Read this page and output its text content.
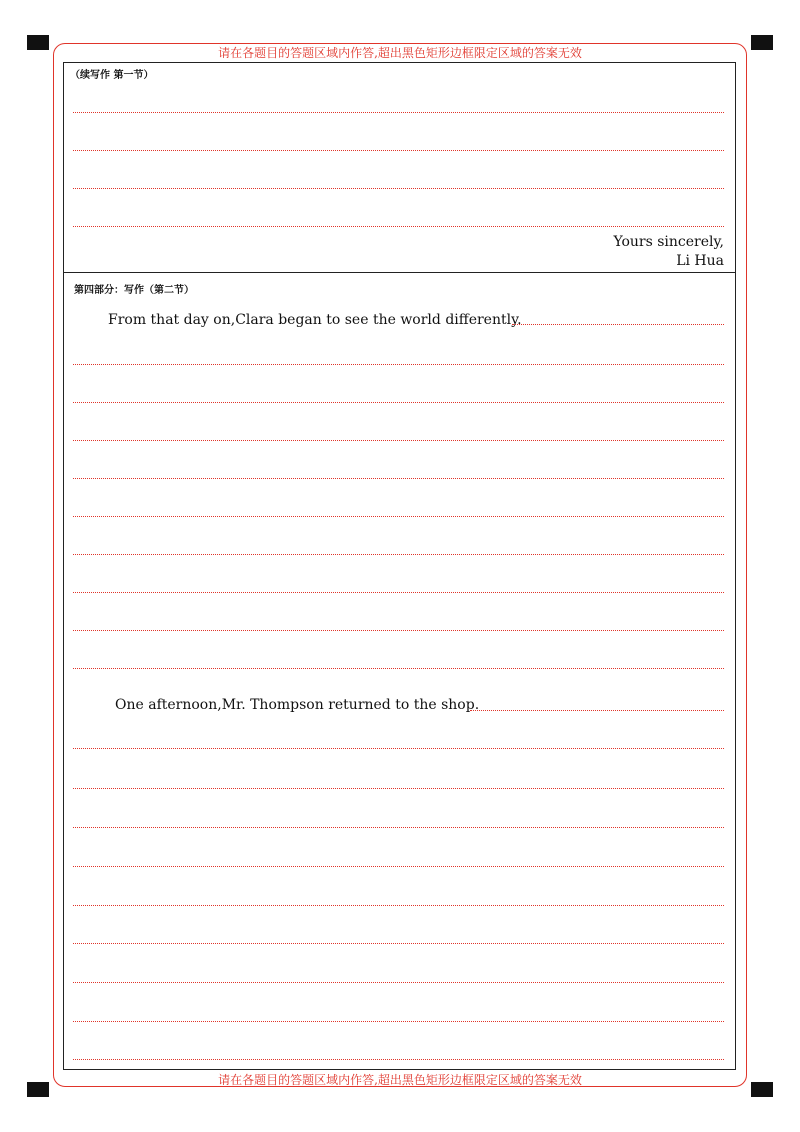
请在各题目的答题区域内作答,超出黑色矩形边框限定区域的答案无效
请在各题目的答题区域内作答,超出黑色矩形边框限定区域的答案无效
（续写作 第一节）
Yours sincerely,
Li Hua
第四部分：写作（第二节）
From that day on,Clara began to see the world differently.
One afternoon,Mr. Thompson returned to the shop.
